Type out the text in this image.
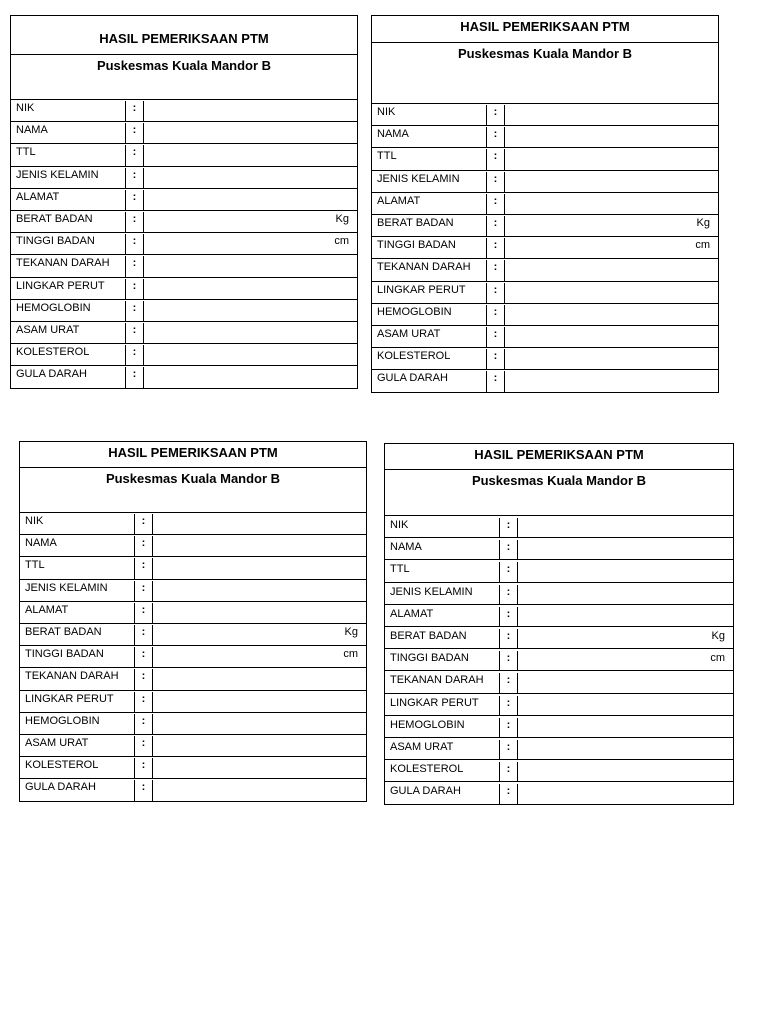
HASIL PEMERIKSAAN PTM
Puskesmas Kuala Mandor B
NIK	:
NAMA	:
TTL	:
JENIS KELAMIN	:
ALAMAT	:
BERAT BADAN	:	Kg
TINGGI BADAN	:	cm
TEKANAN DARAH	:
LINGKAR PERUT	:
HEMOGLOBIN	:
ASAM URAT	:
KOLESTEROL	:
GULA DARAH	:
HASIL PEMERIKSAAN PTM
Puskesmas Kuala Mandor B
NIK	:
NAMA	:
TTL	:
JENIS KELAMIN	:
ALAMAT	:
BERAT BADAN	:	Kg
TINGGI BADAN	:	cm
TEKANAN DARAH	:
LINGKAR PERUT	:
HEMOGLOBIN	:
ASAM URAT	:
KOLESTEROL	:
GULA DARAH	:
HASIL PEMERIKSAAN PTM
Puskesmas Kuala Mandor B
NIK	:
NAMA	:
TTL	:
JENIS KELAMIN	:
ALAMAT	:
BERAT BADAN	:	Kg
TINGGI BADAN	:	cm
TEKANAN DARAH	:
LINGKAR PERUT	:
HEMOGLOBIN	:
ASAM URAT	:
KOLESTEROL	:
GULA DARAH	:
HASIL PEMERIKSAAN PTM
Puskesmas Kuala Mandor B
NIK	:
NAMA	:
TTL	:
JENIS KELAMIN	:
ALAMAT	:
BERAT BADAN	:	Kg
TINGGI BADAN	:	cm
TEKANAN DARAH	:
LINGKAR PERUT	:
HEMOGLOBIN	:
ASAM URAT	:
KOLESTEROL	:
GULA DARAH	:
